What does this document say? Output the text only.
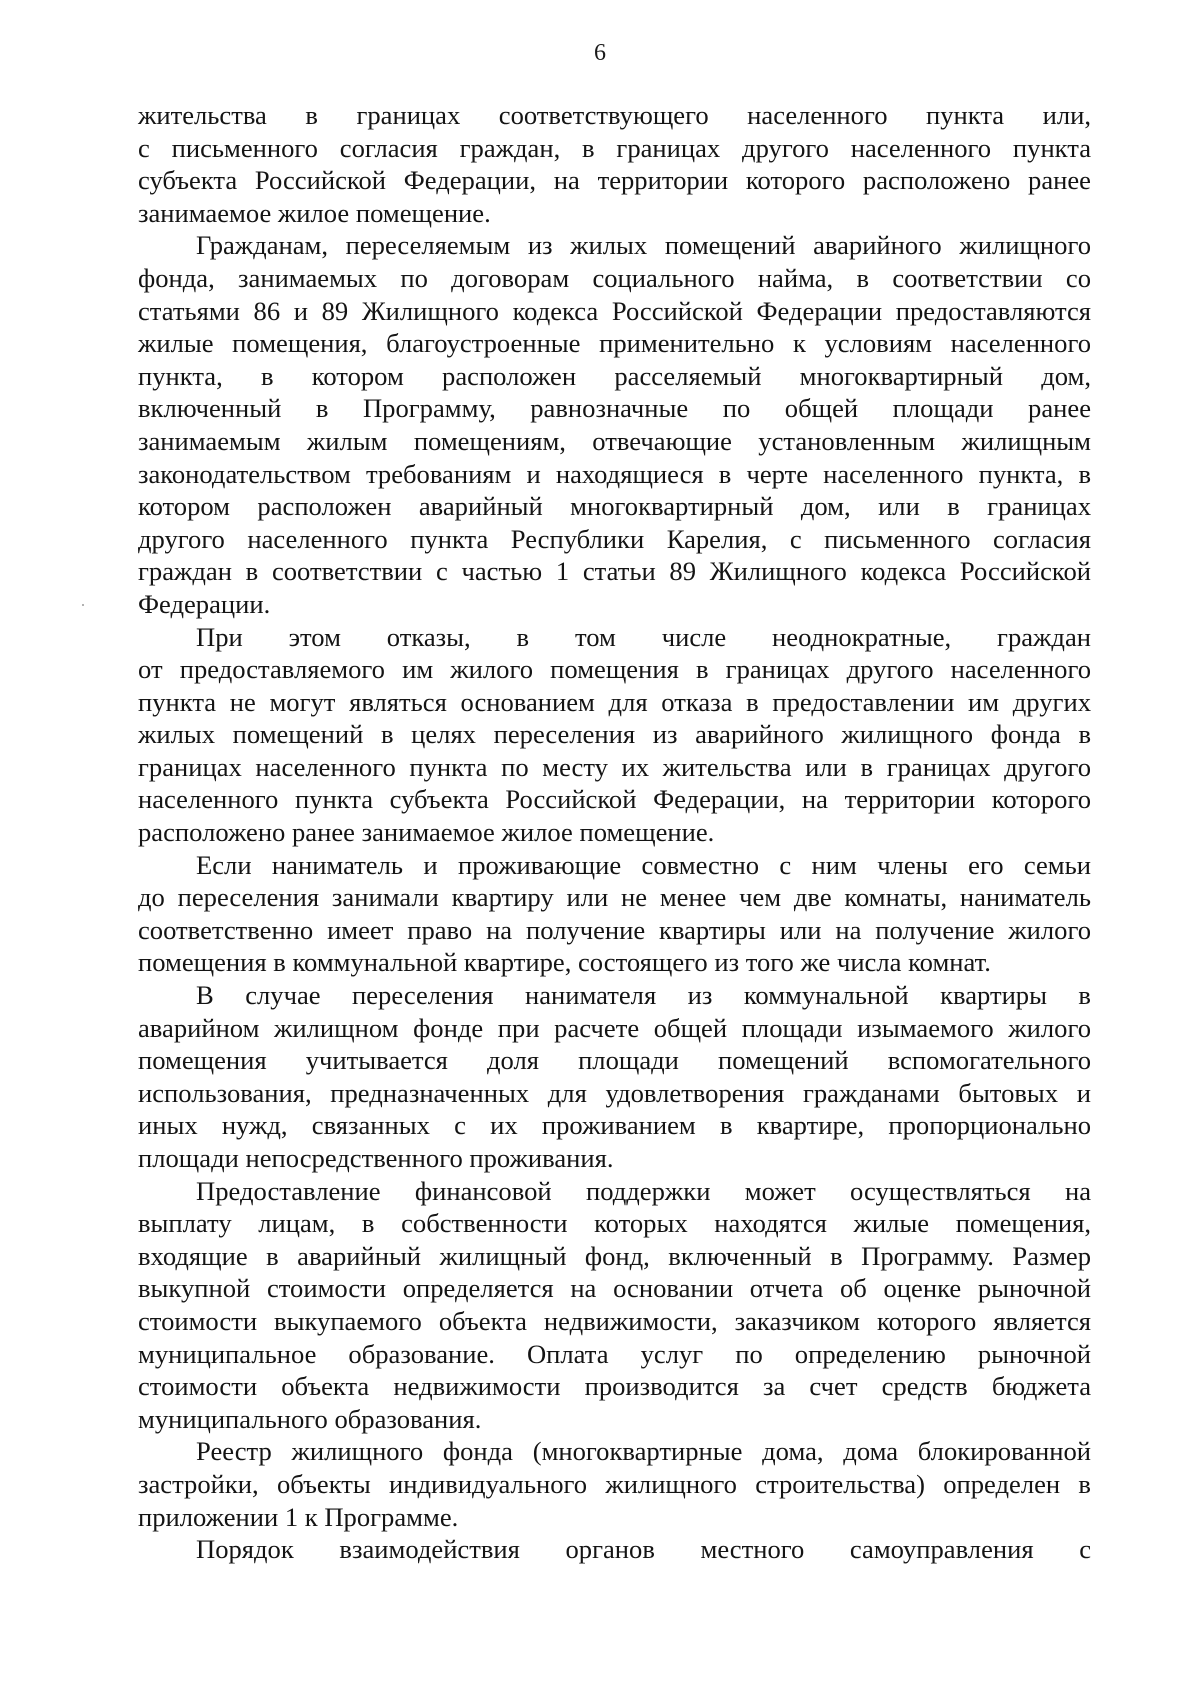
6
жительства в границах соответствующего населенного пункта или,
с письменного согласия граждан, в границах другого населенного пункта
субъекта Российской Федерации, на территории которого расположено ранее
занимаемое жилое помещение.
Гражданам, переселяемым из жилых помещений аварийного жилищного
фонда, занимаемых по договорам социального найма, в соответствии со
статьями 86 и 89 Жилищного кодекса Российской Федерации предоставляются
жилые помещения, благоустроенные применительно к условиям населенного
пункта, в котором расположен расселяемый многоквартирный дом,
включенный в Программу, равнозначные по общей площади ранее
занимаемым жилым помещениям, отвечающие установленным жилищным
законодательством требованиям и находящиеся в черте населенного пункта, в
котором расположен аварийный многоквартирный дом, или в границах
другого населенного пункта Республики Карелия, с письменного согласия
граждан в соответствии с частью 1 статьи 89 Жилищного кодекса Российской
Федерации.
При этом отказы, в том числе неоднократные, граждан
от предоставляемого им жилого помещения в границах другого населенного
пункта не могут являться основанием для отказа в предоставлении им других
жилых помещений в целях переселения из аварийного жилищного фонда в
границах населенного пункта по месту их жительства или в границах другого
населенного пункта субъекта Российской Федерации, на территории которого
расположено ранее занимаемое жилое помещение.
Если наниматель и проживающие совместно с ним члены его семьи
до переселения занимали квартиру или не менее чем две комнаты, наниматель
соответственно имеет право на получение квартиры или на получение жилого
помещения в коммунальной квартире, состоящего из того же числа комнат.
В случае переселения нанимателя из коммунальной квартиры в
аварийном жилищном фонде при расчете общей площади изымаемого жилого
помещения учитывается доля площади помещений вспомогательного
использования, предназначенных для удовлетворения гражданами бытовых и
иных нужд, связанных с их проживанием в квартире, пропорционально
площади непосредственного проживания.
Предоставление финансовой поддержки может осуществляться на
выплату лицам, в собственности которых находятся жилые помещения,
входящие в аварийный жилищный фонд, включенный в Программу. Размер
выкупной стоимости определяется на основании отчета об оценке рыночной
стоимости выкупаемого объекта недвижимости, заказчиком которого является
муниципальное образование. Оплата услуг по определению рыночной
стоимости объекта недвижимости производится за счет средств бюджета
муниципального образования.
Реестр жилищного фонда (многоквартирные дома, дома блокированной
застройки, объекты индивидуального жилищного строительства) определен в
приложении 1 к Программе.
Порядок взаимодействия органов местного самоуправления с
